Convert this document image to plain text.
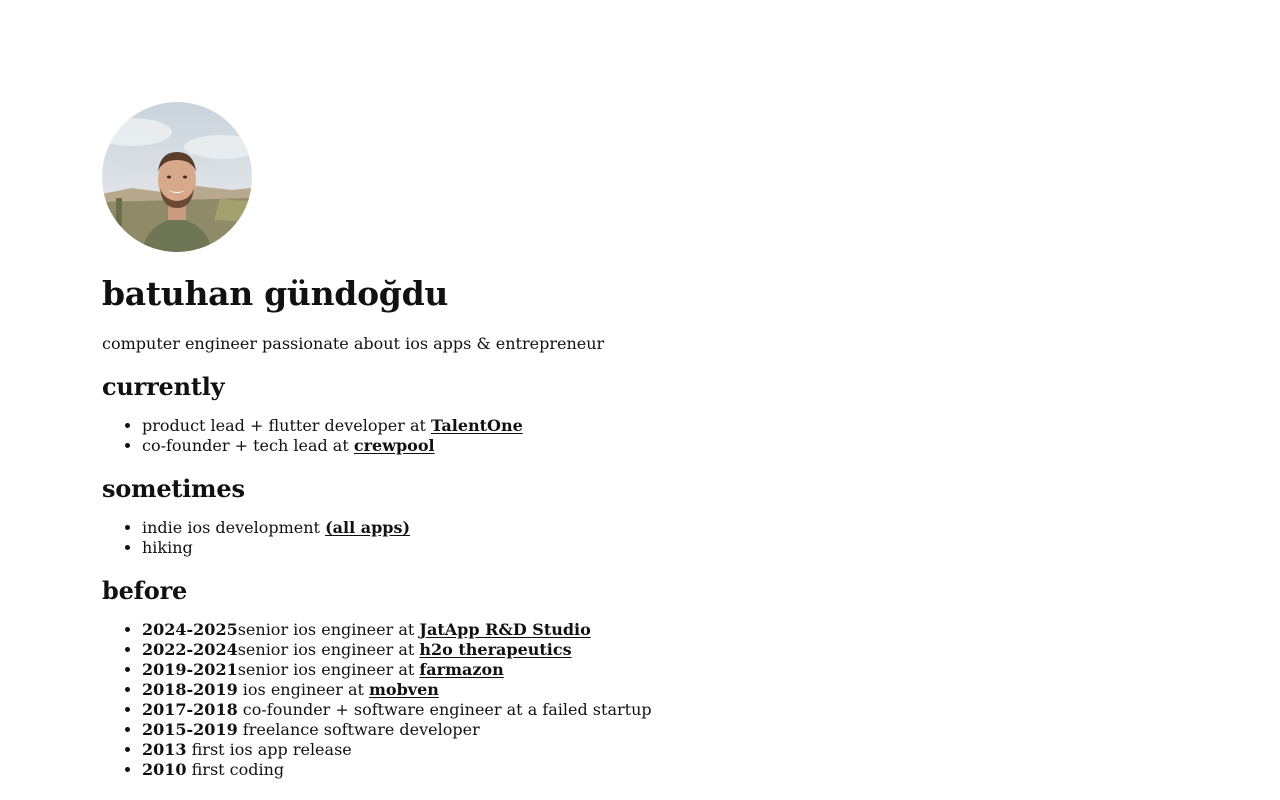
batuhan gündoğdu

computer engineer passionate about ios apps & entrepreneur

currently
• product lead + flutter developer at TalentOne
• co-founder + tech lead at crewpool
sometimes
• indie ios development (all apps)
• hiking
before
• 2024-2025senior ios engineer at JatApp R&D Studio
• 2022-2024senior ios engineer at h2o therapeutics
• 2019-2021senior ios engineer at farmazon
• 2018-2019 ios engineer at mobven
• 2017-2018 co-founder + software engineer at a failed startup
• 2015-2019 freelance software developer
• 2013 first ios app release
• 2010 first coding
